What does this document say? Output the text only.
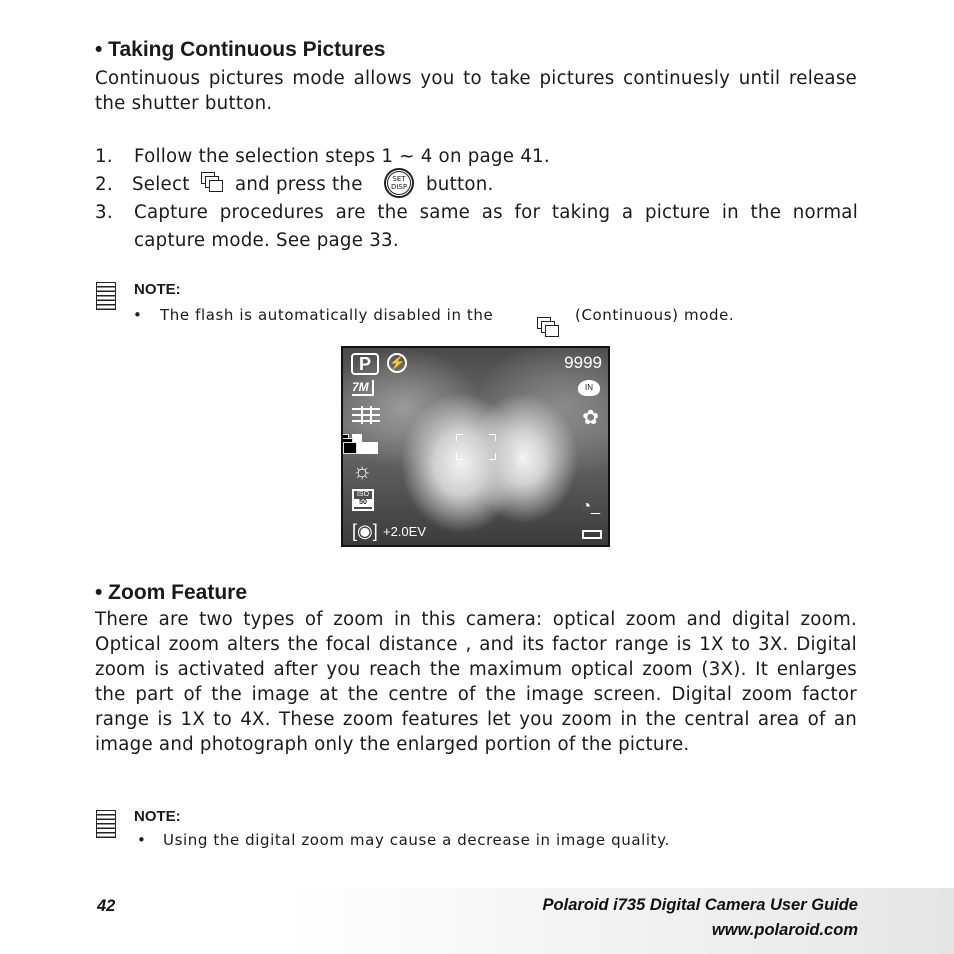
• Taking Continuous Pictures
Continuous pictures mode allows you to take pictures continuesly until release the shutter button.
1. Follow the selection steps 1 ~ 4 on page 41.
2. Select and press the	SET
DISP button.
3. Capture procedures are the same as for taking a picture in the normal
capture mode. See page 33.
NOTE:
• The flash is automatically disabled in the	(Continuous) mode.
P	⚡	9999
7M
☼
ISO
50
[◉] +2.0EV
IN
✿
◔_
• Zoom Feature
There are two types of zoom in this camera: optical zoom and digital zoom. Optical zoom alters the focal distance , and its factor range is 1X to 3X. Digital zoom is activated after you reach the maximum optical zoom (3X). It enlarges the part of the image at the centre of the image screen. Digital zoom factor range is 1X to 4X. These zoom features let you zoom in the central area of an image and photograph only the enlarged portion of the picture.
NOTE:
• Using the digital zoom may cause a decrease in image quality.
42	Polaroid i735 Digital Camera User Guide
www.polaroid.com
